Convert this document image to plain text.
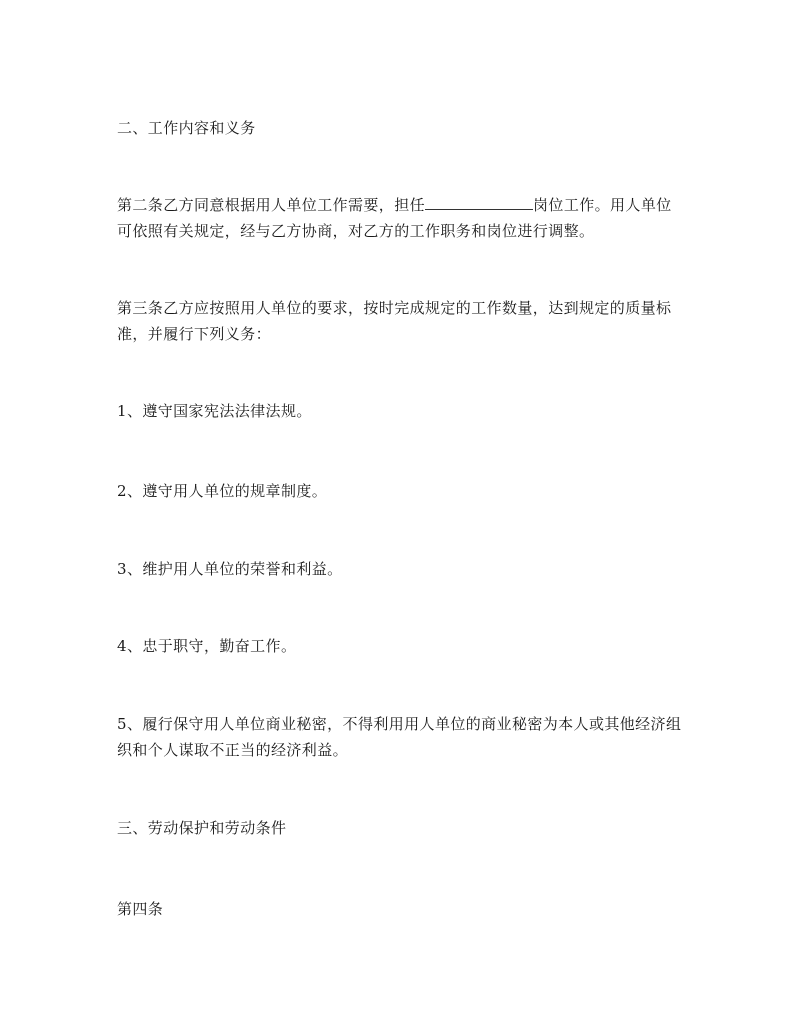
二、工作内容和义务

第二条乙方同意根据用人单位工作需要，担任	岗位工作。用人单位可依照有关规定，经与乙方协商，对乙方的工作职务和岗位进行调整。

第三条乙方应按照用人单位的要求，按时完成规定的工作数量，达到规定的质量标准，并履行下列义务：

1、遵守国家宪法法律法规。

2、遵守用人单位的规章制度。

3、维护用人单位的荣誉和利益。

4、忠于职守，勤奋工作。

5、履行保守用人单位商业秘密，不得利用用人单位的商业秘密为本人或其他经济组织和个人谋取不正当的经济利益。

三、劳动保护和劳动条件

第四条
